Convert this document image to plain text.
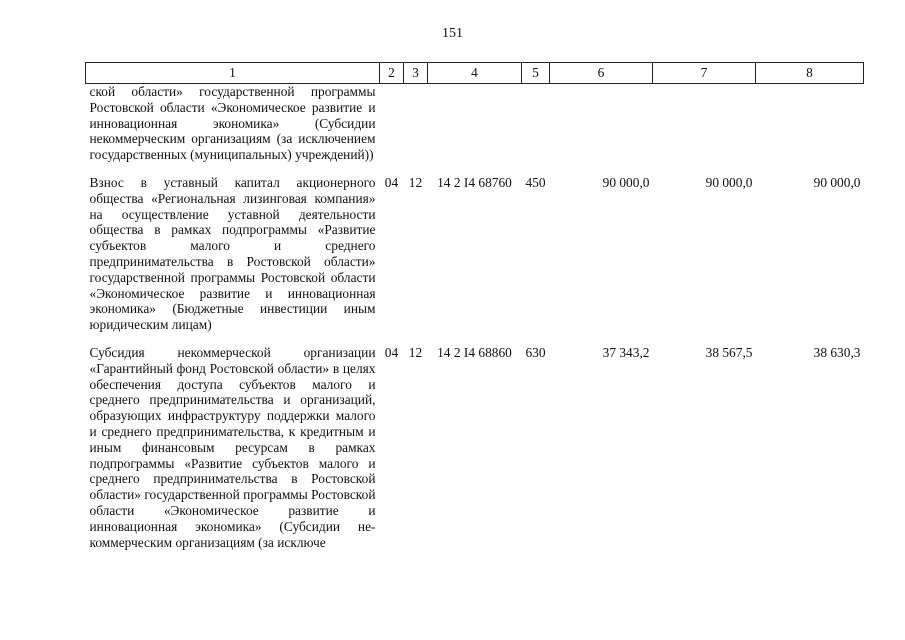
151
1	2	3	4	5	6	7	8
ской области» государственной программы Ростовской области «Экономическое развитие и инновационная экономика» (Субсидии некоммерческим организациям (за исключением государственных (муниципальных) учреждений))							
Взнос в уставный капитал акционерного общества «Региональная лизинговая компания» на осуществление уставной деятельности общества в рамках подпрограммы «Развитие субъектов малого и среднего предпринимательства в Ростовской области» государственной программы Ростовской области «Экономическое развитие и инновационная экономика» (Бюджетные инвестиции иным юридическим лицам)	04	12	14 2 I4 68760	450	90 000,0	90 000,0	90 000,0
Субсидия некоммерческой организации «Гарантийный фонд Ростовской области» в целях обеспечения доступа субъектов малого и среднего предпринимательства и организаций, образующих инфраструктуру поддержки малого и среднего предпринимательства, к кредитным и иным финансовым ресурсам в рамках подпрограммы «Развитие субъектов малого и среднего предпринимательства в Ростовской области» государственной программы Ростовской области «Экономическое развитие и инновационная экономика» (Субсидии некоммерческим организациям (за исключе	04	12	14 2 I4 68860	630	37 343,2	38 567,5	38 630,3
